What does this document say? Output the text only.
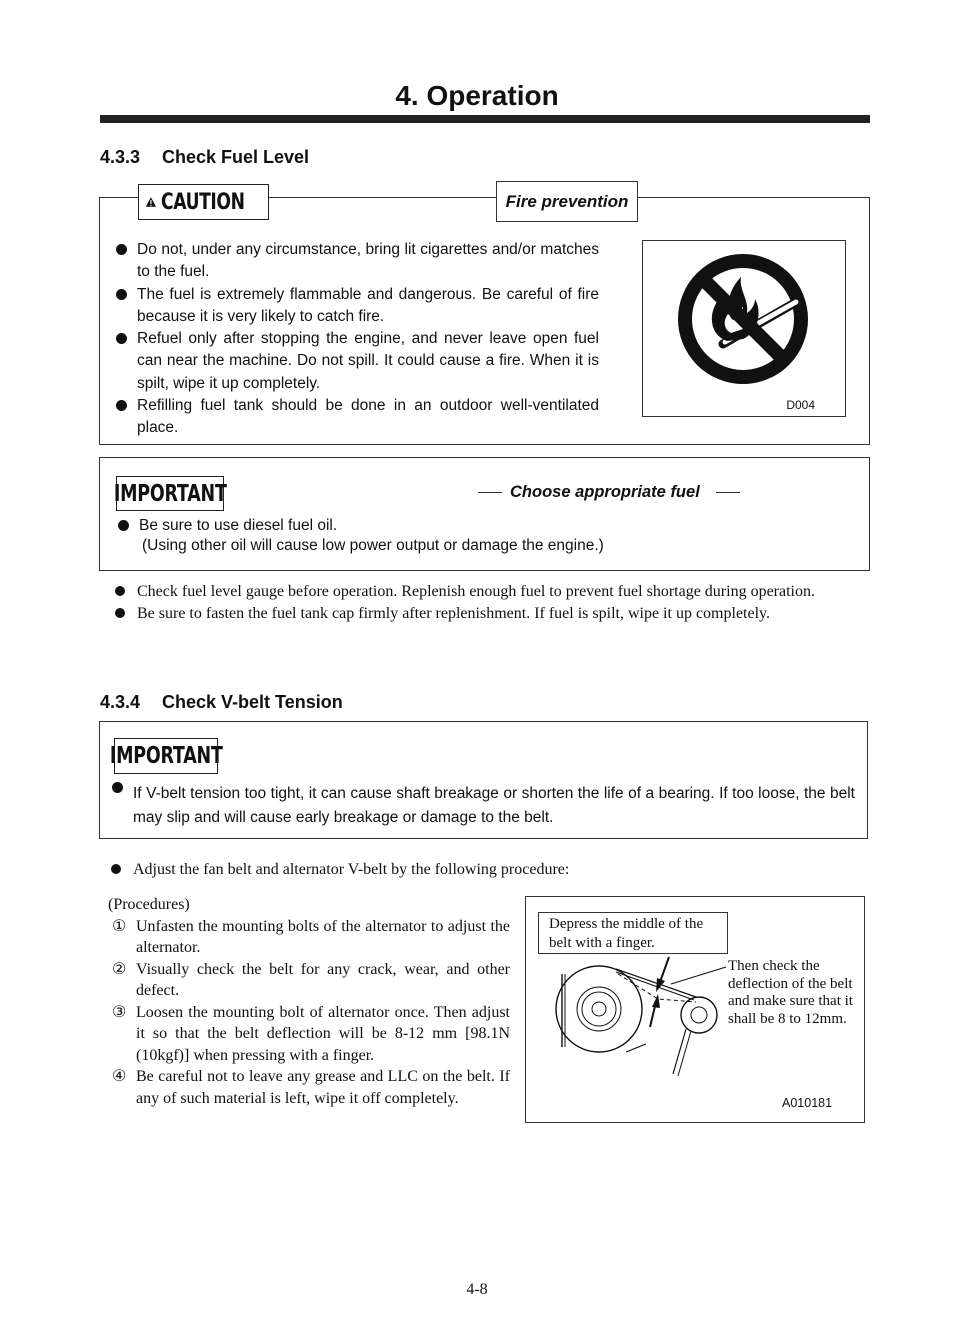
4. Operation
4.3.3 Check Fuel Level
CAUTION	Fire prevention
Do not, under any circumstance, bring lit cigarettes and/or matches to the fuel.
The fuel is extremely flammable and dangerous. Be careful of fire because it is very likely to catch fire.
Refuel only after stopping the engine, and never leave open fuel can near the machine. Do not spill. It could cause a fire. When it is spilt, wipe it up completely.
Refilling fuel tank should be done in an outdoor well-ventilated place.
D004
IMPORTANT	Choose appropriate fuel
Be sure to use diesel fuel oil.
(Using other oil will cause low power output or damage the engine.)
Check fuel level gauge before operation. Replenish enough fuel to prevent fuel shortage during operation.
Be sure to fasten the fuel tank cap firmly after replenishment. If fuel is spilt, wipe it up completely.
4.3.4 Check V-belt Tension
IMPORTANT
If V-belt tension too tight, it can cause shaft breakage or shorten the life of a bearing. If too loose, the belt may slip and will cause early breakage or damage to the belt.
Adjust the fan belt and alternator V-belt by the following procedure:
(Procedures)
① Unfasten the mounting bolts of the alternator to adjust the alternator.
② Visually check the belt for any crack, wear, and other defect.
③ Loosen the mounting bolt of alternator once. Then adjust it so that the belt deflection will be 8-12 mm [98.1N (10kgf)] when pressing with a finger.
④ Be careful not to leave any grease and LLC on the belt. If any of such material is left, wipe it off completely.
Depress the middle of the belt with a finger.
Then check the deflection of the belt and make sure that it shall be 8 to 12mm.
A010181
4-8
